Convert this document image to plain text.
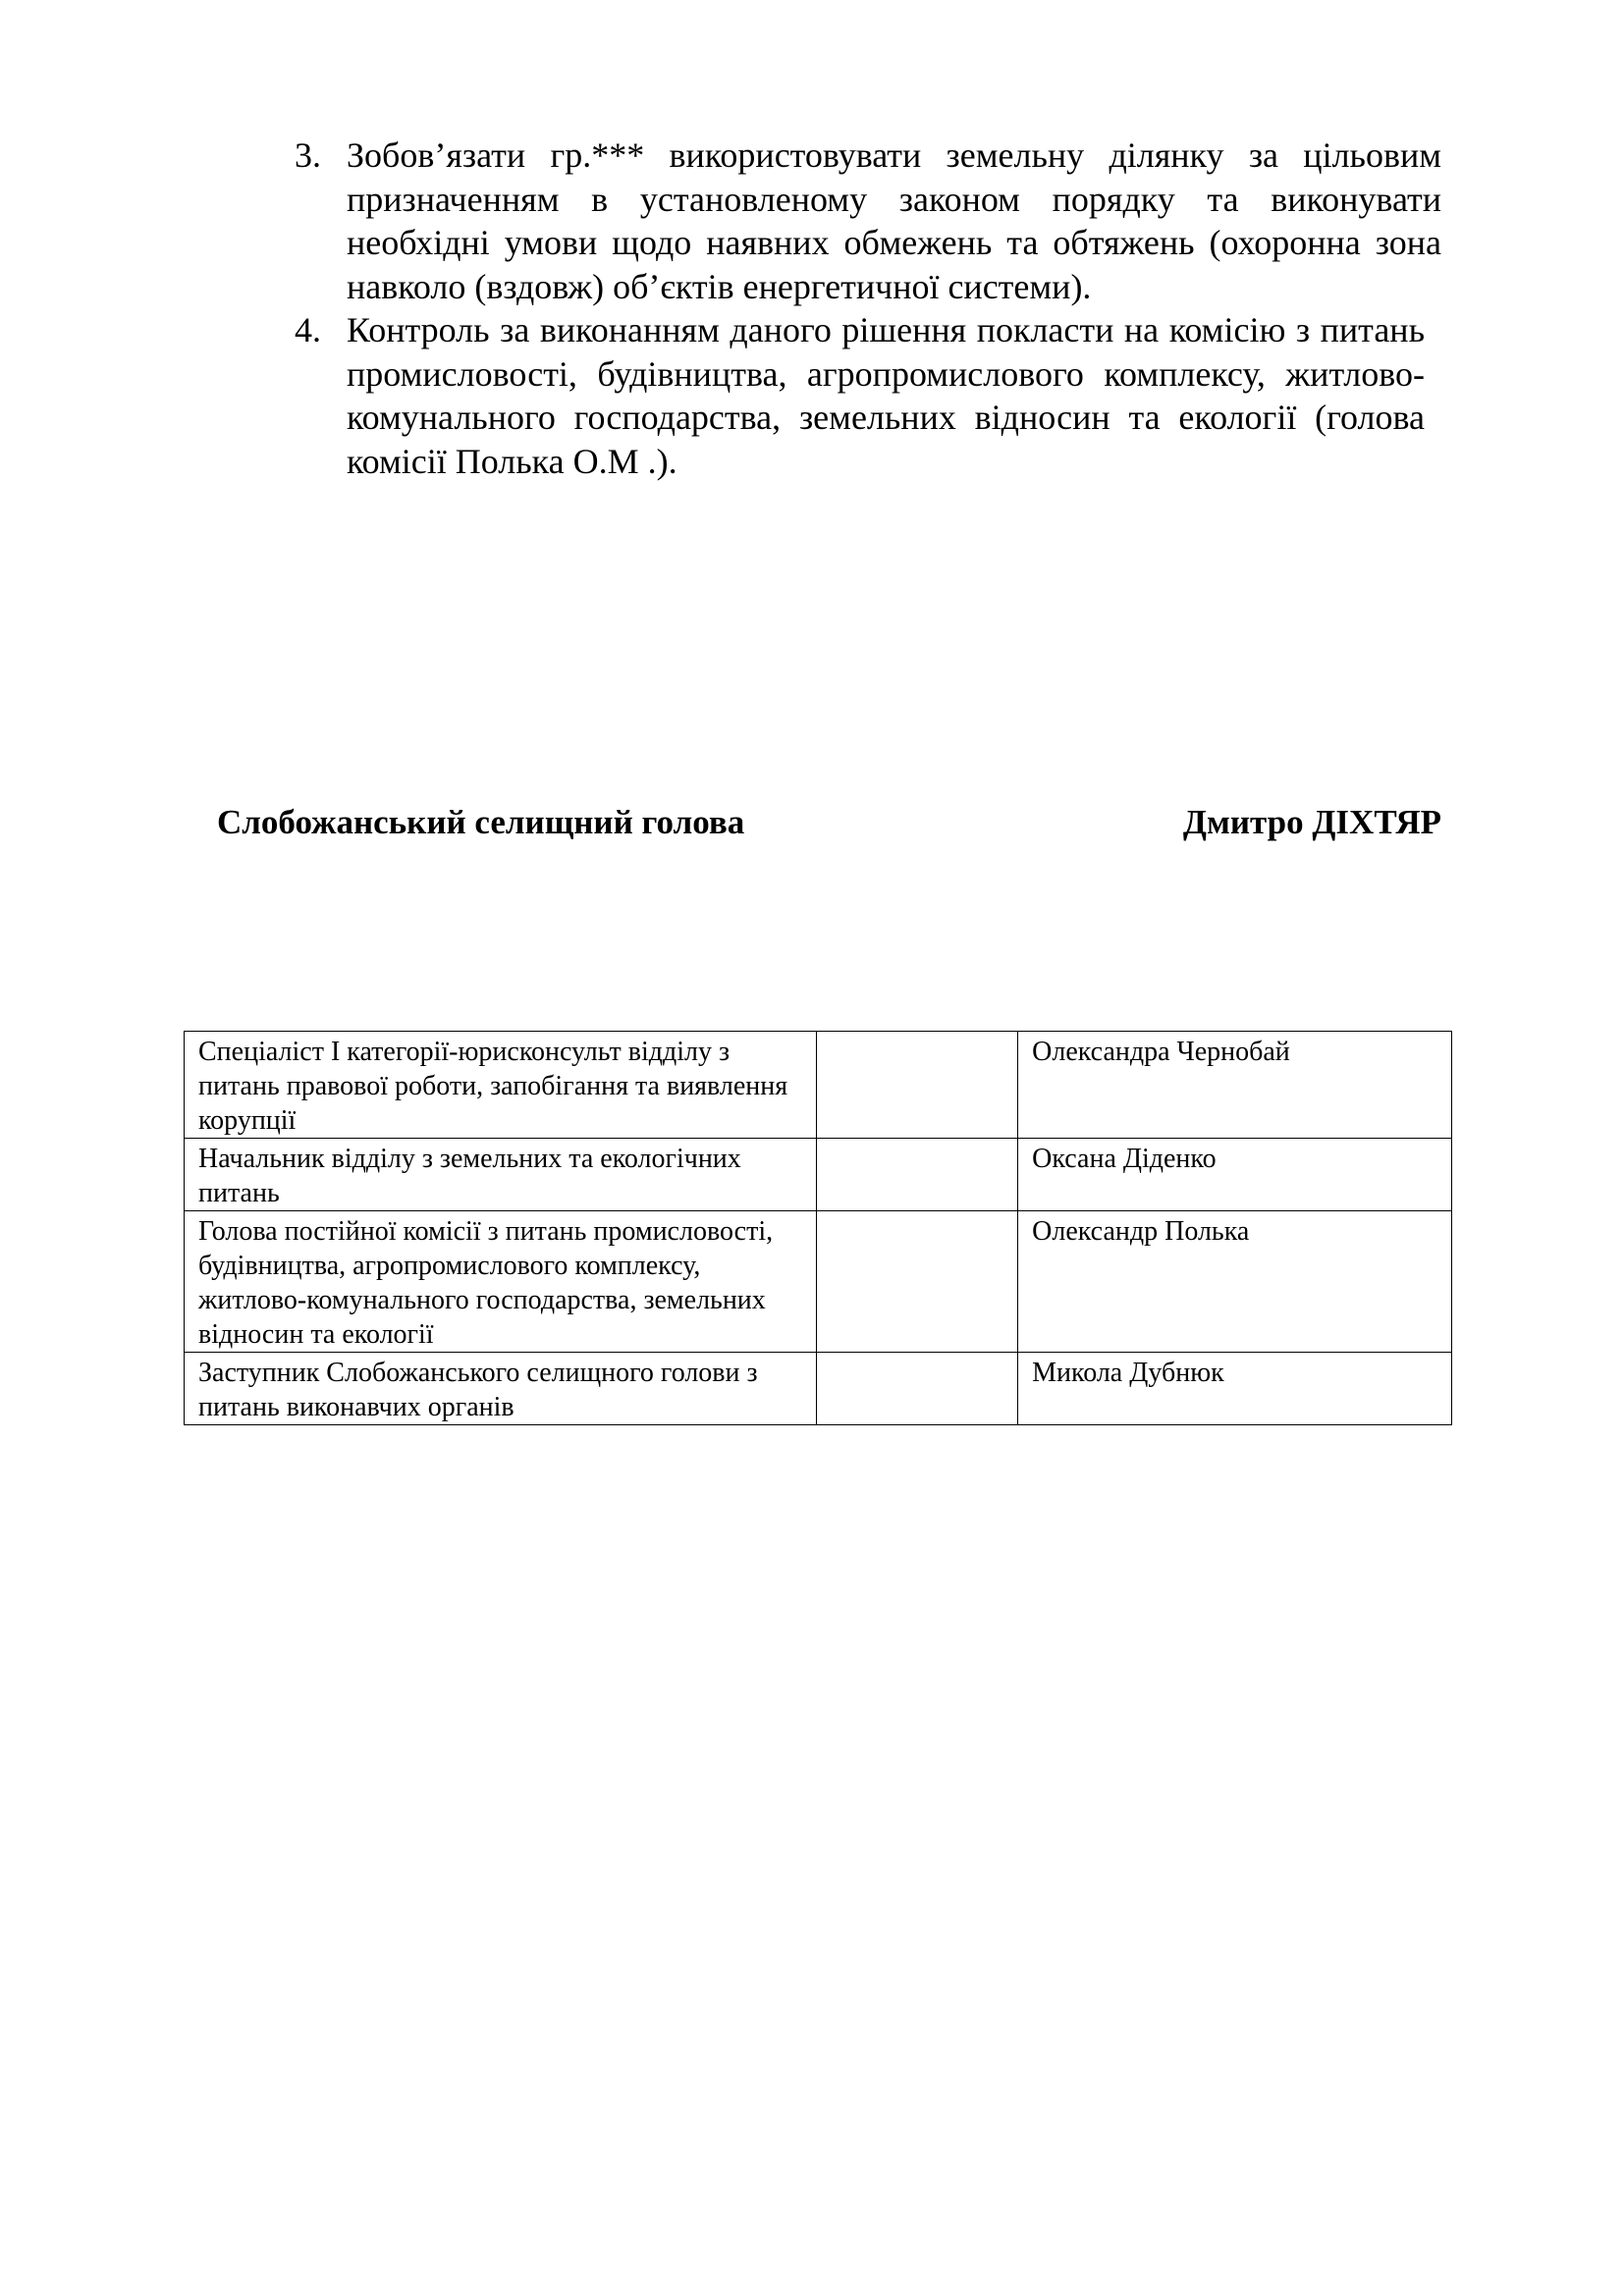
3. Зобов’язати гр.*** використовувати земельну ділянку за цільовим призначенням в установленому законом порядку та виконувати необхідні умови щодо наявних обмежень та обтяжень (охоронна зона навколо (вздовж) об’єктів енергетичної системи).
4. Контроль за виконанням даного рішення покласти на комісію з питань промисловості, будівництва, агропромислового комплексу, житлово-комунального господарства, земельних відносин та екології (голова комісії Полька О.М .).
Слобожанський селищний голова	Дмитро ДІХТЯР
Спеціаліст І категорії-юрисконсульт відділу з питань правової роботи, запобігання та виявлення корупції		Олександра Чернобай
Начальник відділу з земельних та екологічних питань		Оксана Діденко
Голова постійної комісії з питань промисловості, будівництва, агропромислового комплексу, житлово-комунального господарства, земельних відносин та екології		Олександр Полька
Заступник Слобожанського селищного голови з питань виконавчих органів		Микола Дубнюк
